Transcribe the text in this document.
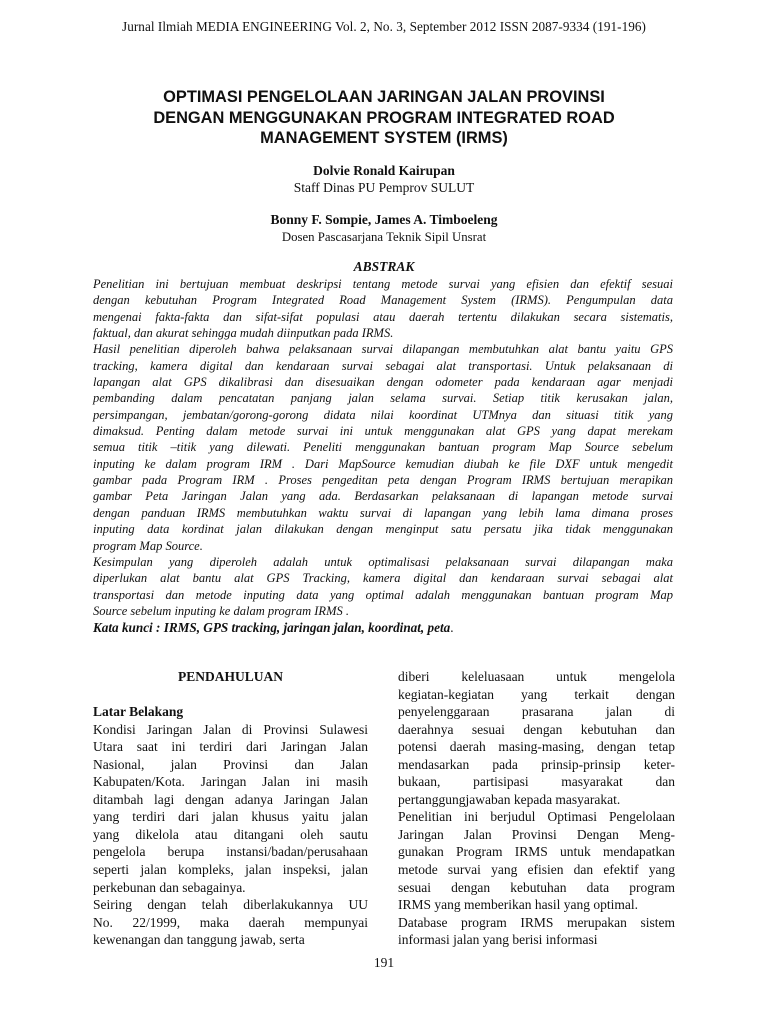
Jurnal Ilmiah MEDIA ENGINEERING Vol. 2, No. 3, September 2012 ISSN 2087-9334 (191-196)
OPTIMASI PENGELOLAAN JARINGAN JALAN PROVINSI
DENGAN MENGGUNAKAN PROGRAM INTEGRATED ROAD
MANAGEMENT SYSTEM (IRMS)
Dolvie Ronald Kairupan
Staff Dinas PU Pemprov SULUT
Bonny F. Sompie, James A. Timboeleng
Dosen Pascasarjana Teknik Sipil Unsrat
ABSTRAK
Penelitian ini bertujuan membuat deskripsi tentang metode survai yang efisien dan efektif sesuai
dengan kebutuhan Program Integrated Road Management System (IRMS). Pengumpulan data
mengenai fakta-fakta dan sifat-sifat populasi atau daerah tertentu dilakukan secara sistematis,
faktual, dan akurat sehingga mudah diinputkan pada IRMS.
Hasil penelitian diperoleh bahwa pelaksanaan survai dilapangan membutuhkan alat bantu yaitu GPS
tracking, kamera digital dan kendaraan survai sebagai alat transportasi. Untuk pelaksanaan di
lapangan alat GPS dikalibrasi dan disesuaikan dengan odometer pada kendaraan agar menjadi
pembanding dalam pencatatan panjang jalan selama survai. Setiap titik kerusakan jalan,
persimpangan, jembatan/gorong-gorong didata nilai koordinat UTMnya dan situasi titik yang
dimaksud. Penting dalam metode survai ini untuk menggunakan alat GPS yang dapat merekam
semua titik –titik yang dilewati. Peneliti menggunakan bantuan program Map Source sebelum
inputing ke dalam program IRM . Dari MapSource kemudian diubah ke file DXF untuk mengedit
gambar pada Program IRM . Proses pengeditan peta dengan Program IRMS bertujuan merapikan
gambar Peta Jaringan Jalan yang ada. Berdasarkan pelaksanaan di lapangan metode survai
dengan panduan IRMS membutuhkan waktu survai di lapangan yang lebih lama dimana proses
inputing data kordinat jalan dilakukan dengan menginput satu persatu jika tidak menggunakan
program Map Source.
Kesimpulan yang diperoleh adalah untuk optimalisasi pelaksanaan survai dilapangan maka
diperlukan alat bantu alat GPS Tracking, kamera digital dan kendaraan survai sebagai alat
transportasi dan metode inputing data yang optimal adalah menggunakan bantuan program Map
Source sebelum inputing ke dalam program IRMS .
Kata kunci : IRMS, GPS tracking, jaringan jalan, koordinat, peta.
PENDAHULUAN
Latar Belakang
Kondisi Jaringan Jalan di Provinsi Sulawesi
Utara saat ini terdiri dari Jaringan Jalan
Nasional, jalan Provinsi dan Jalan
Kabupaten/Kota. Jaringan Jalan ini masih
ditambah lagi dengan adanya Jaringan Jalan
yang terdiri dari jalan khusus yaitu jalan
yang dikelola atau ditangani oleh sautu
pengelola berupa instansi/badan/perusahaan
seperti jalan kompleks, jalan inspeksi, jalan
perkebunan dan sebagainya.
Seiring dengan telah diberlakukannya UU
No. 22/1999, maka daerah mempunyai
kewenangan dan tanggung jawab, serta
diberi keleluasaan untuk mengelola
kegiatan-kegiatan yang terkait dengan
penyelenggaraan prasarana jalan di
daerahnya sesuai dengan kebutuhan dan
potensi daerah masing-masing, dengan tetap
mendasarkan pada prinsip-prinsip keter-
bukaan, partisipasi masyarakat dan
pertanggungjawaban kepada masyarakat.
Penelitian ini berjudul Optimasi Pengelolaan
Jaringan Jalan Provinsi Dengan Meng-
gunakan Program IRMS untuk mendapatkan
metode survai yang efisien dan efektif yang
sesuai dengan kebutuhan data program
IRMS yang memberikan hasil yang optimal.
Database program IRMS merupakan sistem
informasi jalan yang berisi informasi
191
